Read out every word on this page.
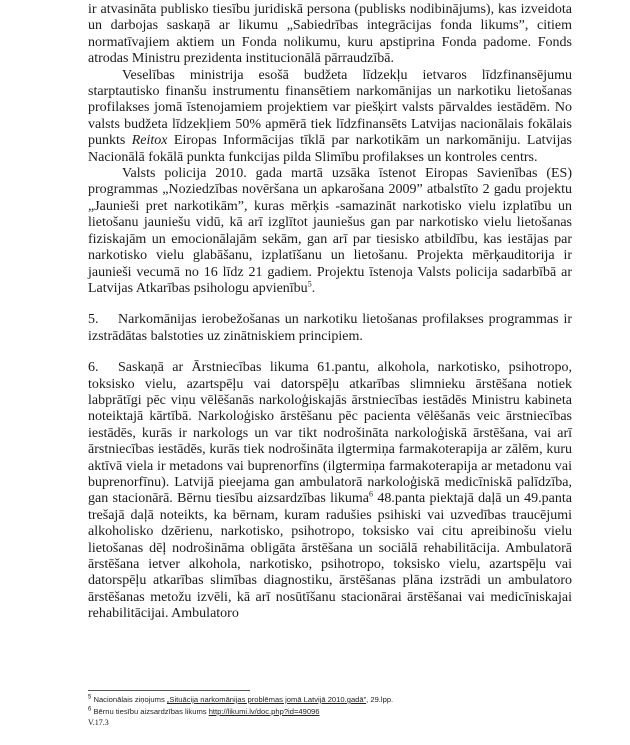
ir atvasināta publisko tiesību juridiskā persona (publisks nodibinājums), kas izveidota un darbojas saskaņā ar likumu „Sabiedrības integrācijas fonda likums”, citiem normatīvajiem aktiem un Fonda nolikumu, kuru apstiprina Fonda padome. Fonds atrodas Ministru prezidenta institucionālā pārraudzībā.

Veselības ministrija esošā budžeta līdzekļu ietvaros līdzfinansējumu starptautisko finanšu instrumentu finansētiem narkomānijas un narkotiku lietošanas profilakses jomā īstenojamiem projektiem var piešķirt valsts pārvaldes iestādēm. No valsts budžeta līdzekļiem 50% apmērā tiek līdzfinansēts Latvijas nacionālais fokālais punkts Reitox Eiropas Informācijas tīklā par narkotikām un narkomāniju. Latvijas Nacionālā fokālā punkta funkcijas pilda Slimību profilakses un kontroles centrs.

Valsts policija 2010. gada martā uzsāka īstenot Eiropas Savienības (ES) programmas „Noziedzības novēršana un apkarošana 2009” atbalstīto 2 gadu projektu „Jaunieši pret narkotikām”, kuras mērķis -samazināt narkotisko vielu izplatību un lietošanu jauniešu vidū, kā arī izglītot jauniešus gan par narkotisko vielu lietošanas fiziskajām un emocionālajām sekām, gan arī par tiesisko atbildību, kas iestājas par narkotisko vielu glabāšanu, izplatīšanu un lietošanu. Projekta mērķauditorija ir jaunieši vecumā no 16 līdz 21 gadiem. Projektu īstenoja Valsts policija sadarbībā ar Latvijas Atkarības psihologu apvienību$^5$.

5. Narkomānijas ierobežošanas un narkotiku lietošanas profilakses programmas ir izstrādātas balstoties uz zinātniskiem principiem.

6. Saskaņā ar Ārstniecības likuma 61.pantu, alkohola, narkotisko, psihotropo, toksisko vielu, azartspēļu vai datorspēļu atkarības slimnieku ārstēšana notiek labprātīgi pēc viņu vēlēšanās narkoloģiskajās ārstniecības iestādēs Ministru kabineta noteiktajā kārtībā. Narkoloģisko ārstēšanu pēc pacienta vēlēšanās veic ārstniecības iestādēs, kurās ir narkologs un var tikt nodrošināta narkoloģiskā ārstēšana, vai arī ārstniecības iestādēs, kurās tiek nodrošināta ilgtermiņa farmakoterapija ar zālēm, kuru aktīvā viela ir metadons vai buprenorfīns (ilgtermiņa farmakoterapija ar metadonu vai buprenorfīnu). Latvijā pieejama gan ambulatorā narkoloģiskā medicīniskā palīdzība, gan stacionārā. Bērnu tiesību aizsardzības likuma$^6$ 48.panta piektajā daļā un 49.panta trešajā daļā noteikts, ka bērnam, kuram radušies psihiski vai uzvedības traucējumi alkoholisko dzērienu, narkotisko, psihotropo, toksisko vai citu apreibinošu vielu lietošanas dēļ nodrošināma obligāta ārstēšana un sociālā rehabilitācija. Ambulatorā ārstēšana ietver alkohola, narkotisko, psihotropo, toksisko vielu, azartspēļu vai datorspēļu atkarības slimības diagnostiku, ārstēšanas plāna izstrādi un ambulatoro ārstēšanas metožu izvēli, kā arī nosūtīšanu stacionārai ārstēšanai vai medicīniskajai rehabilitācijai. Ambulatoro

$^5$ Nacionālais ziņojums „Situācija narkomānijas problēmas jomā Latvijā 2010.gadā”, 29.lpp.
$^6$ Bērnu tiesību aizsardzības likums http://likumi.lv/doc.php?id=49096
V.17.3
